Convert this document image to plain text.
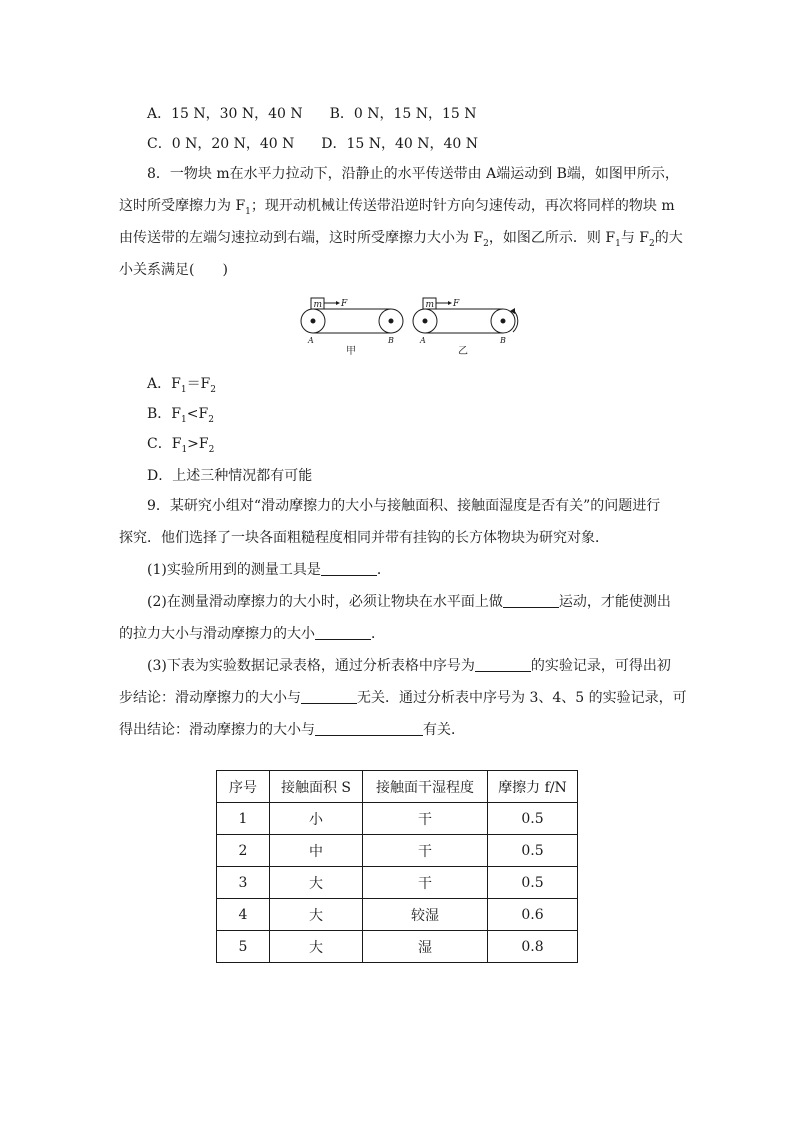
A．15 N，30 N，40 N B．0 N，15 N，15 N
C．0 N，20 N，40 N D．15 N，40 N，40 N
8．一物块 m在水平力拉动下，沿静止的水平传送带由 A端运动到 B端，如图甲所示，
这时所受摩擦力为 $F_1$；现开动机械让传送带沿逆时针方向匀速传动，再次将同样的物块 m
由传送带的左端匀速拉动到右端，这时所受摩擦力大小为 $F_2$，如图乙所示．则 $F_1$与 $F_2$的大
小关系满足(　　)
m F
A	B
甲
m F
A	B
乙
A．$F_1=F_2$
B．$F_1<F_2$
C．$F_1>F_2$
D．上述三种情况都有可能
9．某研究小组对“滑动摩擦力的大小与接触面积、接触面湿度是否有关”的问题进行
探究．他们选择了一块各面粗糙程度相同并带有挂钩的长方体物块为研究对象．
(1)实验所用到的测量工具是	．
(2)在测量滑动摩擦力的大小时，必须让物块在水平面上做	运动，才能使测出
的拉力大小与滑动摩擦力的大小	．
(3)下表为实验数据记录表格，通过分析表格中序号为	的实验记录，可得出初
步结论：滑动摩擦力的大小与	无关．通过分析表中序号为 3、4、5 的实验记录，可
得出结论：滑动摩擦力的大小与	有关．
序号	接触面积 S	接触面干湿程度	摩擦力 f/N
1	小	干	0.5
2	中	干	0.5
3	大	干	0.5
4	大	较湿	0.6
5	大	湿	0.8
